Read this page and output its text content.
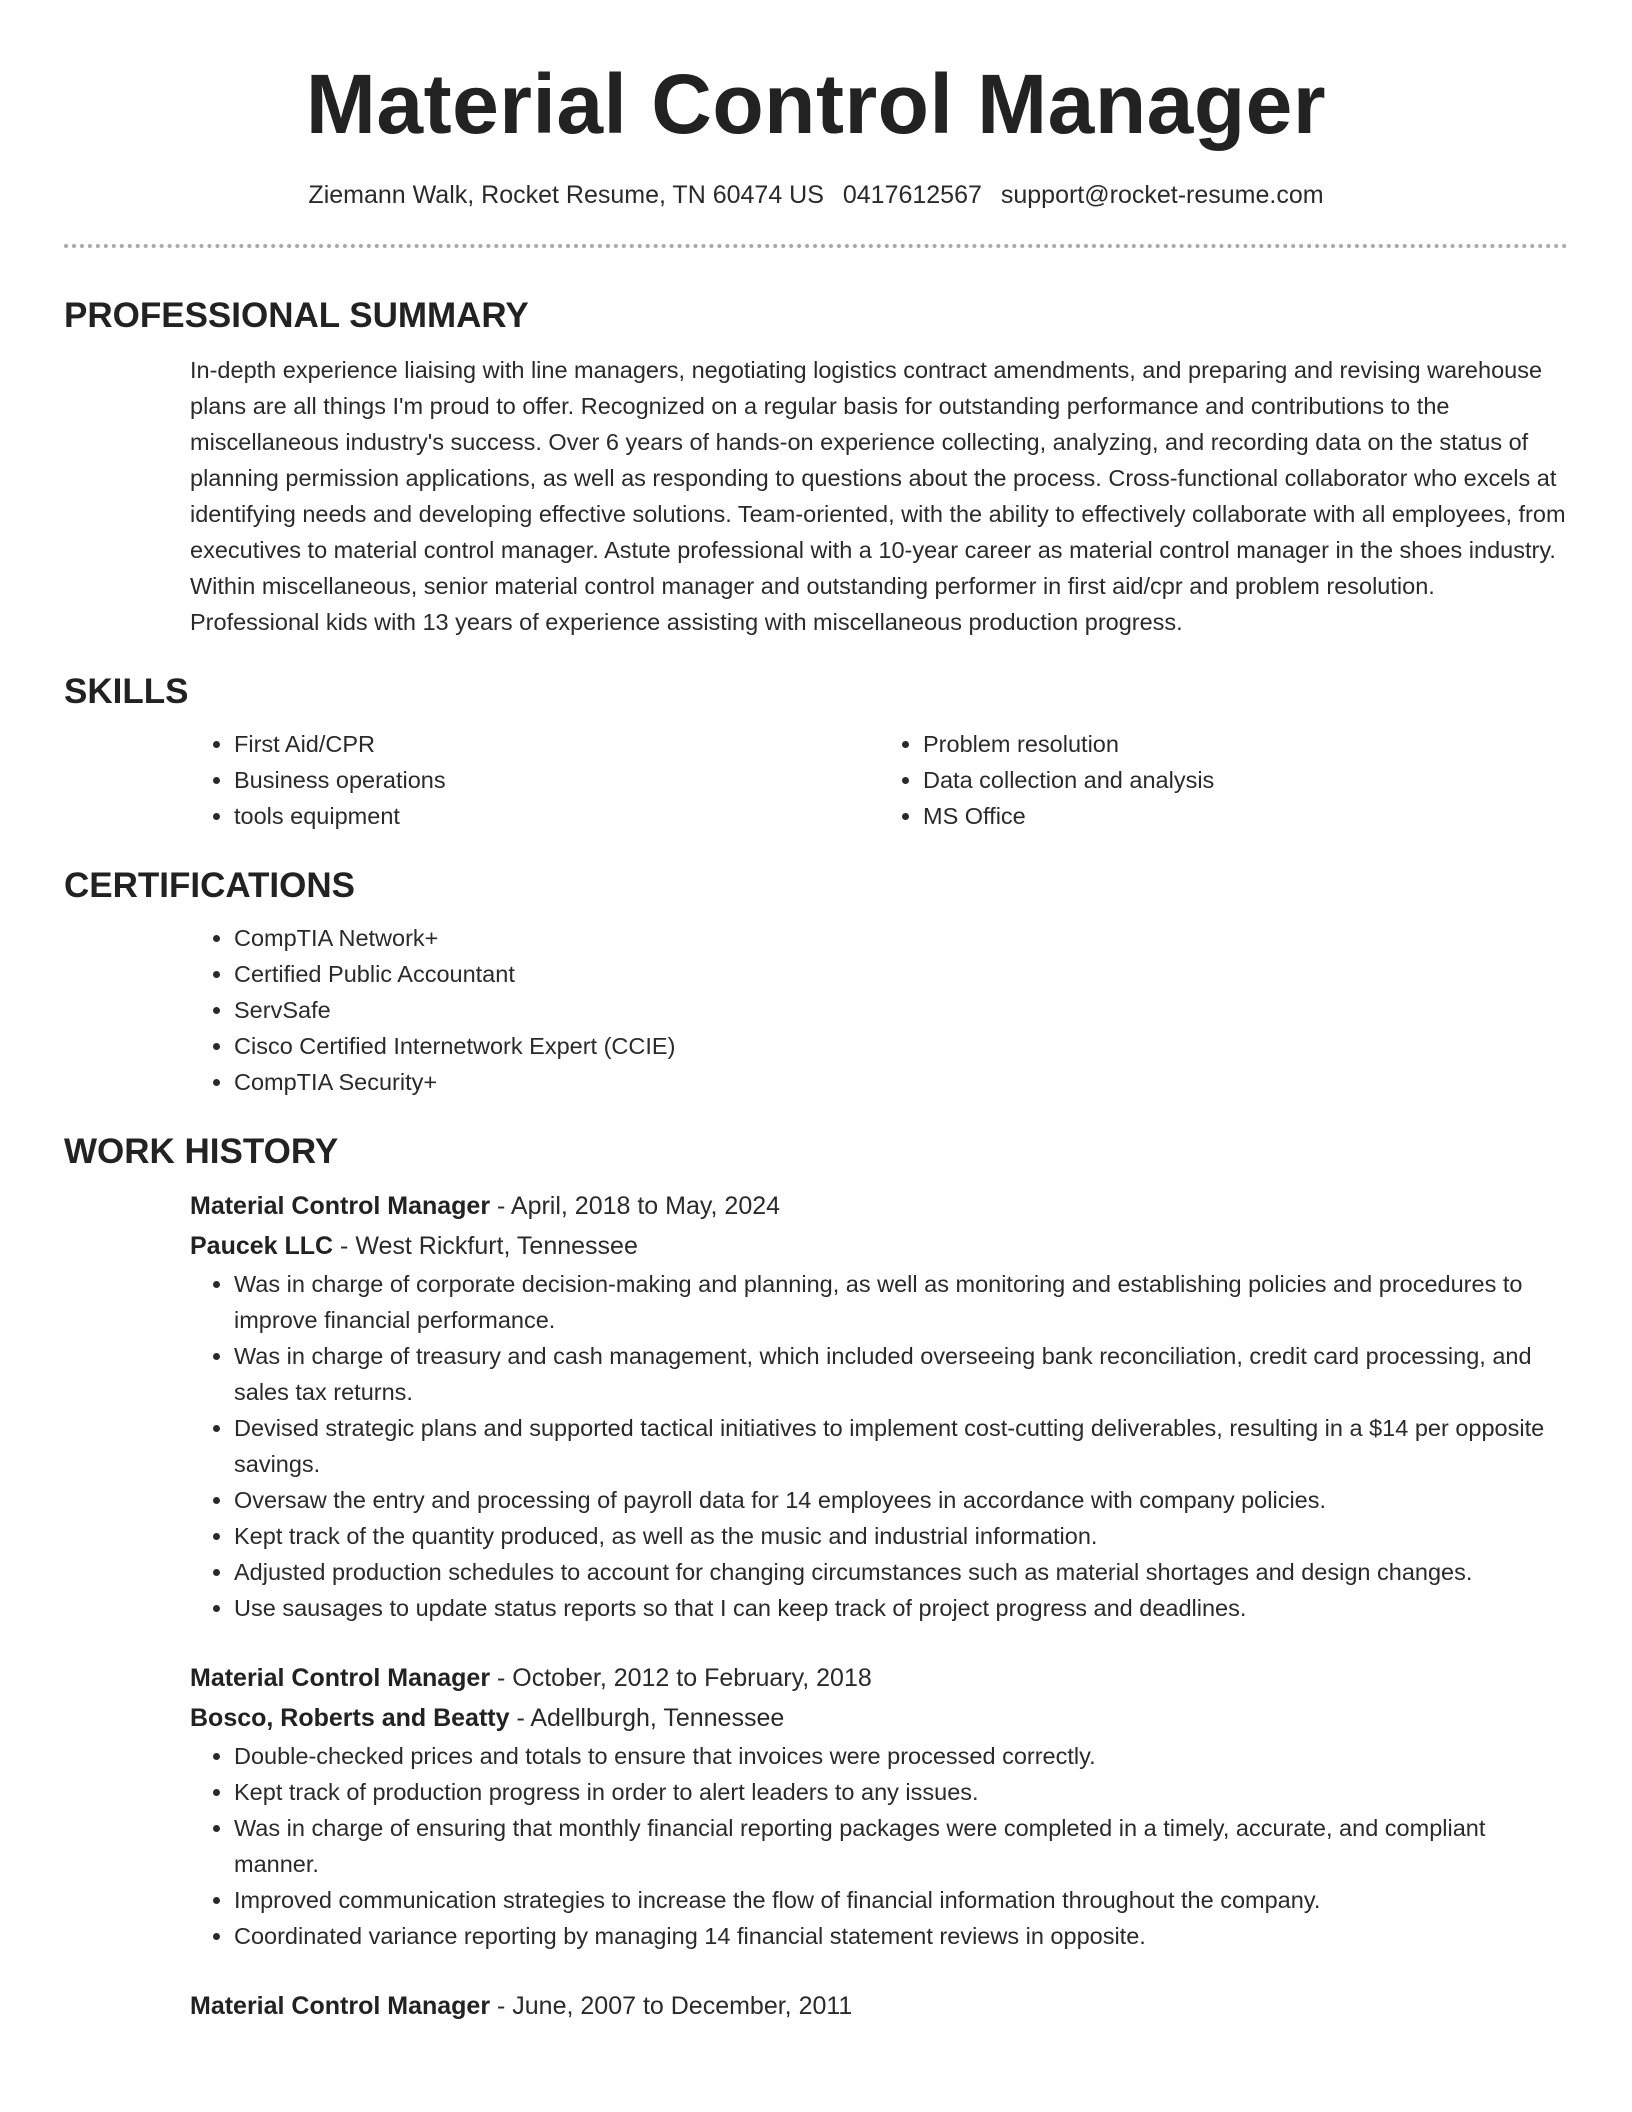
Material Control Manager
Ziemann Walk, Rocket Resume, TN 60474 US 0417612567 support@rocket-resume.com
PROFESSIONAL SUMMARY

In-depth experience liaising with line managers, negotiating logistics contract amendments, and preparing and revising warehouse plans are all things I'm proud to offer. Recognized on a regular basis for outstanding performance and contributions to the miscellaneous industry's success. Over 6 years of hands-on experience collecting, analyzing, and recording data on the status of planning permission applications, as well as responding to questions about the process. Cross-functional collaborator who excels at identifying needs and developing effective solutions. Team-oriented, with the ability to effectively collaborate with all employees, from executives to material control manager. Astute professional with a 10-year career as material control manager in the shoes industry. Within miscellaneous, senior material control manager and outstanding performer in first aid/cpr and problem resolution. Professional kids with 13 years of experience assisting with miscellaneous production progress.

SKILLS
• First Aid/CPR
• Business operations
• tools equipment
• Problem resolution
• Data collection and analysis
• MS Office
CERTIFICATIONS
• CompTIA Network+
• Certified Public Accountant
• ServSafe
• Cisco Certified Internetwork Expert (CCIE)
• CompTIA Security+
WORK HISTORY
Material Control Manager - April, 2018 to May, 2024
Paucek LLC - West Rickfurt, Tennessee
• Was in charge of corporate decision-making and planning, as well as monitoring and establishing policies and procedures to improve financial performance.
• Was in charge of treasury and cash management, which included overseeing bank reconciliation, credit card processing, and sales tax returns.
• Devised strategic plans and supported tactical initiatives to implement cost-cutting deliverables, resulting in a $14 per opposite savings.
• Oversaw the entry and processing of payroll data for 14 employees in accordance with company policies.
• Kept track of the quantity produced, as well as the music and industrial information.
• Adjusted production schedules to account for changing circumstances such as material shortages and design changes.
• Use sausages to update status reports so that I can keep track of project progress and deadlines.
Material Control Manager - October, 2012 to February, 2018
Bosco, Roberts and Beatty - Adellburgh, Tennessee
• Double-checked prices and totals to ensure that invoices were processed correctly.
• Kept track of production progress in order to alert leaders to any issues.
• Was in charge of ensuring that monthly financial reporting packages were completed in a timely, accurate, and compliant manner.
• Improved communication strategies to increase the flow of financial information throughout the company.
• Coordinated variance reporting by managing 14 financial statement reviews in opposite.
Material Control Manager - June, 2007 to December, 2011
